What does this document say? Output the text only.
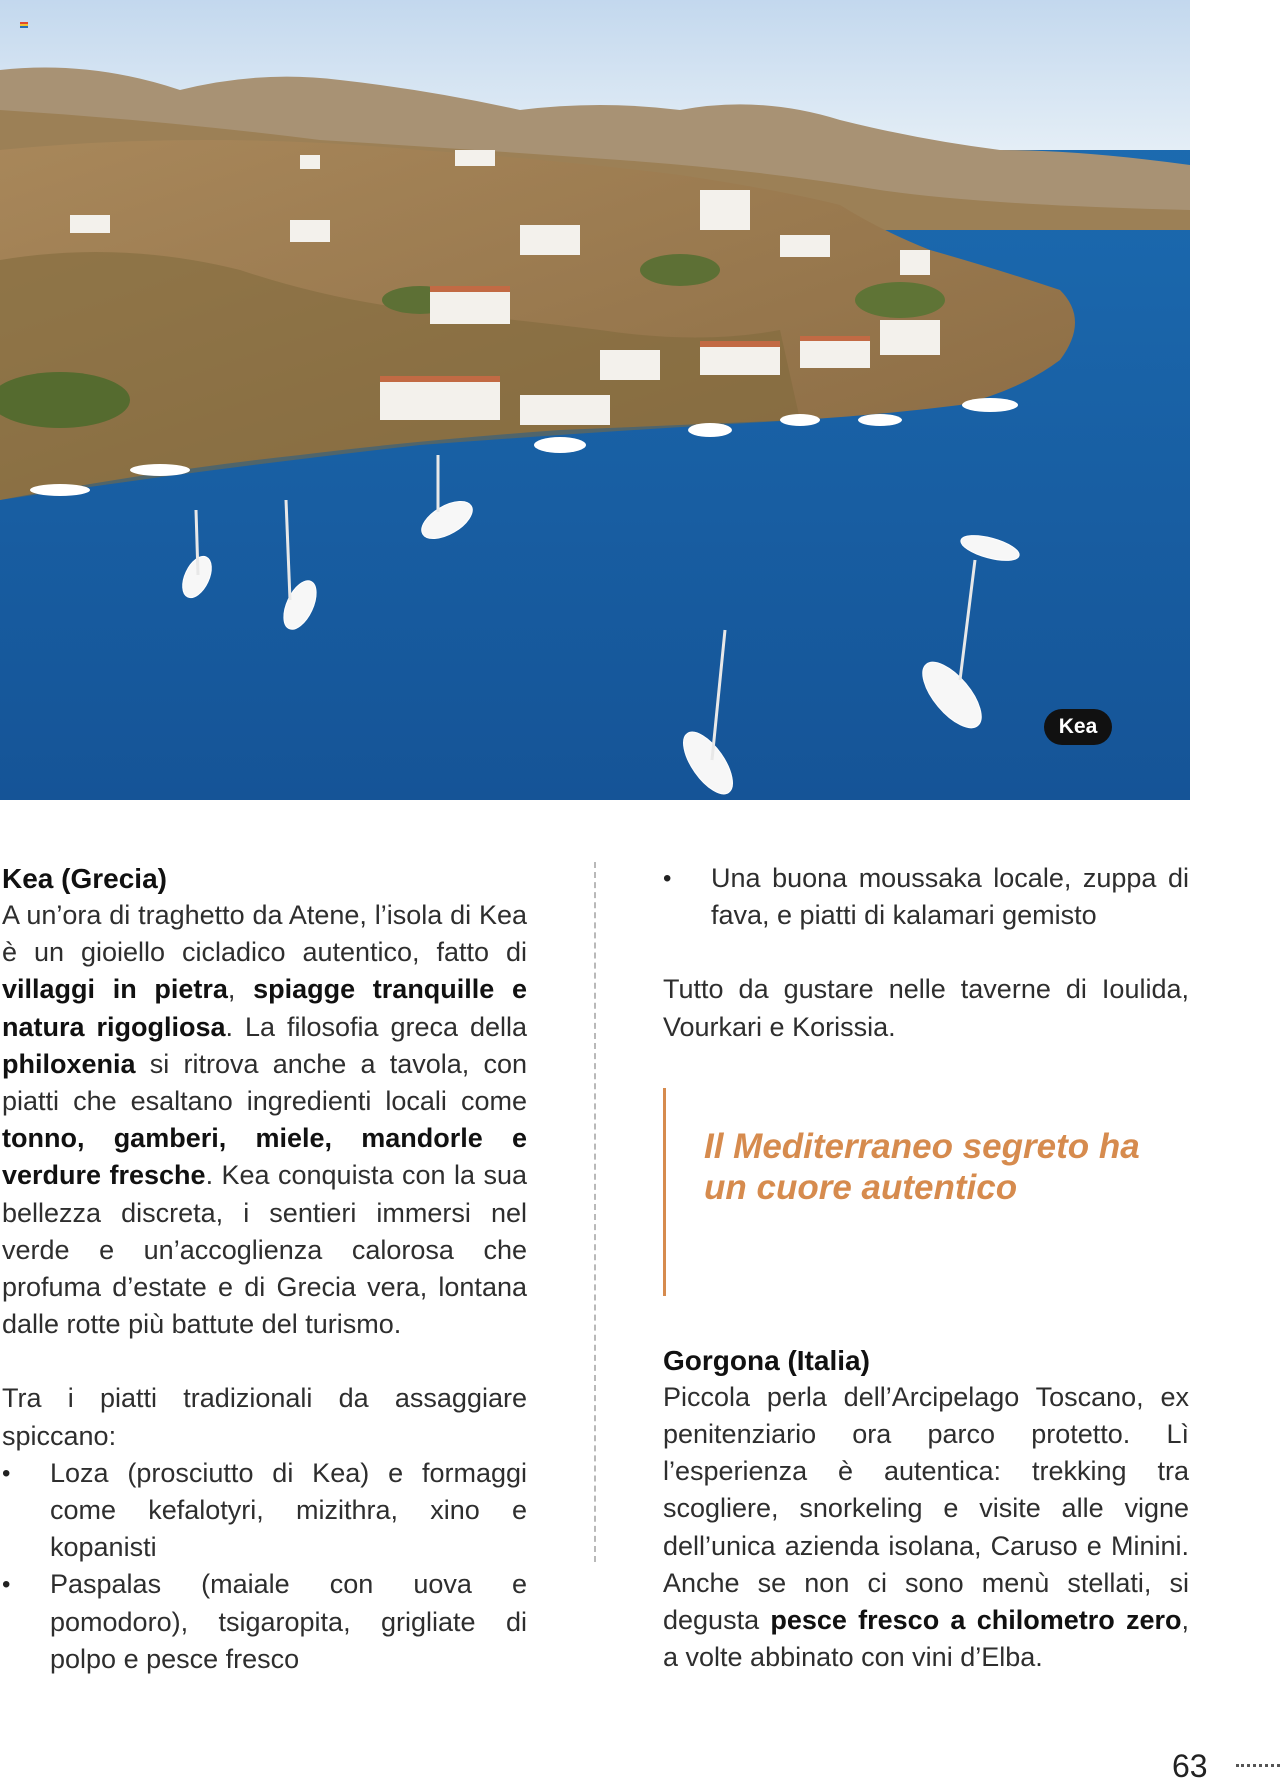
Kea
Kea (Grecia)

A un’ora di traghetto da Atene, l’isola di Kea è un gioiello cicladico autentico, fatto di villaggi in pietra, spiagge tranquille e natura rigogliosa. La filosofia greca della philoxenia si ritrova anche a tavola, con piatti che esaltano ingredienti locali come tonno, gamberi, miele, mandorle e verdure fresche. Kea conquista con la sua bellezza discreta, i sentieri immersi nel verde e un’accoglienza calorosa che profuma d’estate e di Grecia vera, lontana dalle rotte più battute del turismo.

Tra i piatti tradizionali da assaggiare spiccano:

• Loza (prosciutto di Kea) e formaggi come kefalotyri, mizithra, xino e kopanisti
• Paspalas (maiale con uova e pomodoro), tsigaropita, grigliate di polpo e pesce fresco
• Una buona moussaka locale, zuppa di fava, e piatti di kalamari gemisto

Tutto da gustare nelle taverne di Ioulida, Vourkari e Korissia.

Il Mediterraneo segreto ha un cuore autentico
Gorgona (Italia)

Piccola perla dell’Arcipelago Toscano, ex penitenziario ora parco protetto. Lì l’esperienza è autentica: trekking tra scogliere, snorkeling e visite alle vigne dell’unica azienda isolana, Caruso e Minini. Anche se non ci sono menù stellati, si degusta pesce fresco a chilometro zero, a volte abbinato con vini d’Elba.

63
